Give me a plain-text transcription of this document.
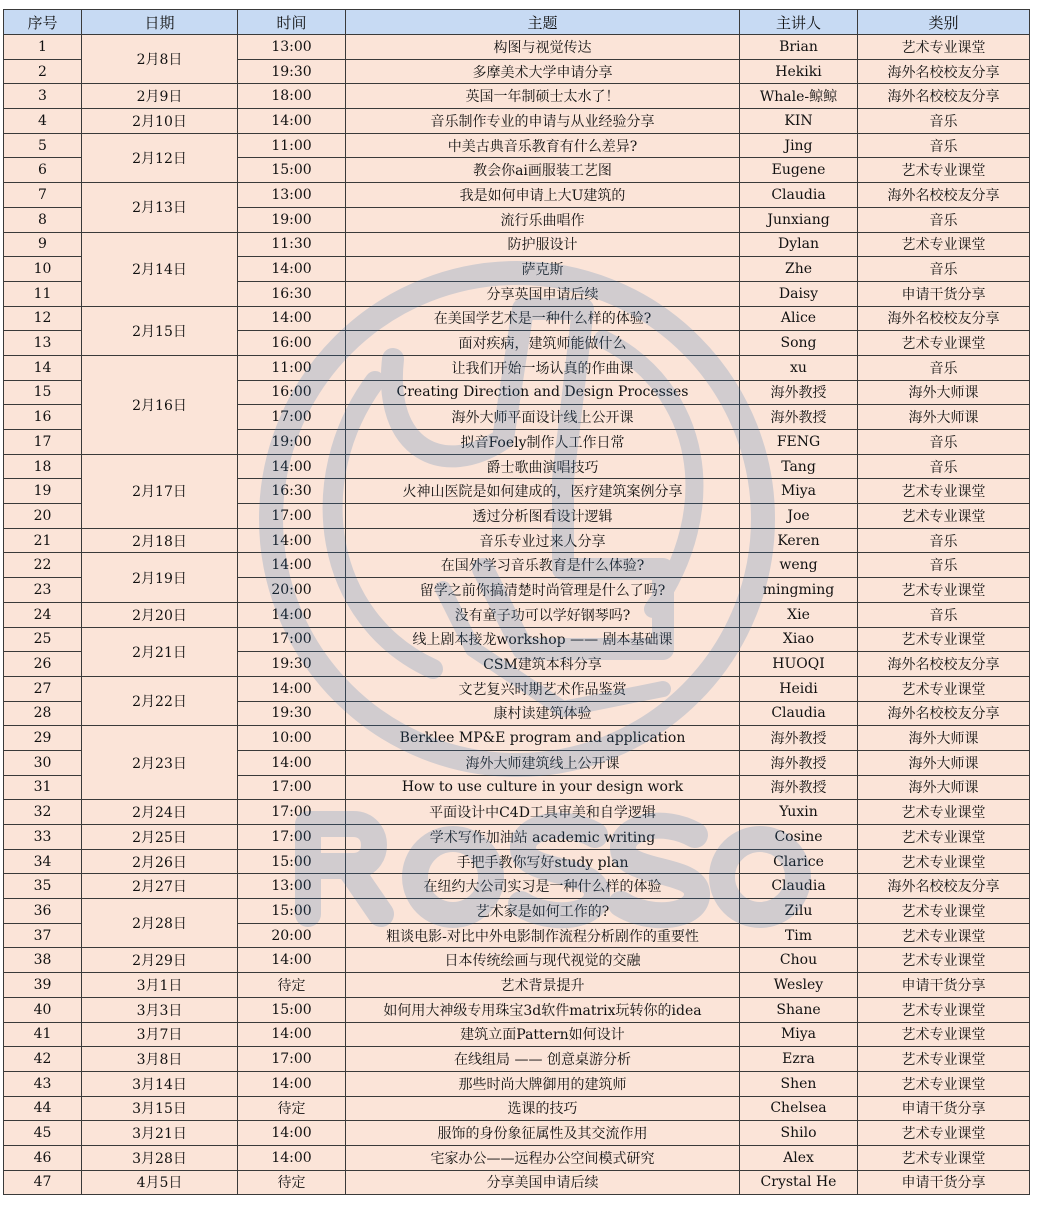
序号	日期	时间	主题	主讲人	类别
1	2月8日	13:00	构图与视觉传达	Brian	艺术专业课堂
2		19:30	多摩美术大学申请分享	Hekiki	海外名校校友分享
3	2月9日	18:00	英国一年制硕士太水了！	Whale-鲸鲸	海外名校校友分享
4	2月10日	14:00	音乐制作专业的申请与从业经验分享	KIN	音乐
5	2月12日	11:00	中美古典音乐教育有什么差异?	Jing	音乐
6		15:00	教会你ai画服装工艺图	Eugene	艺术专业课堂
7	2月13日	13:00	我是如何申请上大U建筑的	Claudia	海外名校校友分享
8		19:00	流行乐曲唱作	Junxiang	音乐
9	2月14日	11:30	防护服设计	Dylan	艺术专业课堂
10		14:00	萨克斯	Zhe	音乐
11		16:30	分享英国申请后续	Daisy	申请干货分享
12	2月15日	14:00	在美国学艺术是一种什么样的体验?	Alice	海外名校校友分享
13		16:00	面对疾病，建筑师能做什么	Song	艺术专业课堂
14	2月16日	11:00	让我们开始一场认真的作曲课	xu	音乐
15		16:00	Creating Direction and Design Processes	海外教授	海外大师课
16		17:00	海外大师平面设计线上公开课	海外教授	海外大师课
17		19:00	拟音Foely制作人工作日常	FENG	音乐
18	2月17日	14:00	爵士歌曲演唱技巧	Tang	音乐
19		16:30	火神山医院是如何建成的，医疗建筑案例分享	Miya	艺术专业课堂
20		17:00	透过分析图看设计逻辑	Joe	艺术专业课堂
21	2月18日	14:00	音乐专业过来人分享	Keren	音乐
22	2月19日	14:00	在国外学习音乐教育是什么体验?	weng	音乐
23		20:00	留学之前你搞清楚时尚管理是什么了吗?	mingming	艺术专业课堂
24	2月20日	14:00	没有童子功可以学好钢琴吗?	Xie	音乐
25	2月21日	17:00	线上剧本接龙workshop —— 剧本基础课	Xiao	艺术专业课堂
26		19:30	CSM建筑本科分享	HUOQI	海外名校校友分享
27	2月22日	14:00	文艺复兴时期艺术作品鉴赏	Heidi	艺术专业课堂
28		19:30	康村读建筑体验	Claudia	海外名校校友分享
29	2月23日	10:00	Berklee MP&E program and application	海外教授	海外大师课
30		14:00	海外大师建筑线上公开课	海外教授	海外大师课
31		17:00	How to use culture in your design work	海外教授	海外大师课
32	2月24日	17:00	平面设计中C4D工具审美和自学逻辑	Yuxin	艺术专业课堂
33	2月25日	17:00	学术写作加油站 academic writing	Cosine	艺术专业课堂
34	2月26日	15:00	手把手教你写好study plan	Clarice	艺术专业课堂
35	2月27日	13:00	在纽约大公司实习是一种什么样的体验	Claudia	海外名校校友分享
36	2月28日	15:00	艺术家是如何工作的?	Zilu	艺术专业课堂
37		20:00	粗谈电影-对比中外电影制作流程分析剧作的重要性	Tim	艺术专业课堂
38	2月29日	14:00	日本传统绘画与现代视觉的交融	Chou	艺术专业课堂
39	3月1日	待定	艺术背景提升	Wesley	申请干货分享
40	3月3日	15:00	如何用大神级专用珠宝3d软件matrix玩转你的idea	Shane	艺术专业课堂
41	3月7日	14:00	建筑立面Pattern如何设计	Miya	艺术专业课堂
42	3月8日	17:00	在线组局 —— 创意桌游分析	Ezra	艺术专业课堂
43	3月14日	14:00	那些时尚大牌御用的建筑师	Shen	艺术专业课堂
44	3月15日	待定	选课的技巧	Chelsea	申请干货分享
45	3月21日	14:00	服饰的身份象征属性及其交流作用	Shilo	艺术专业课堂
46	3月28日	14:00	宅家办公——远程办公空间模式研究	Alex	艺术专业课堂
47	4月5日	待定	分享美国申请后续	Crystal He	申请干货分享
